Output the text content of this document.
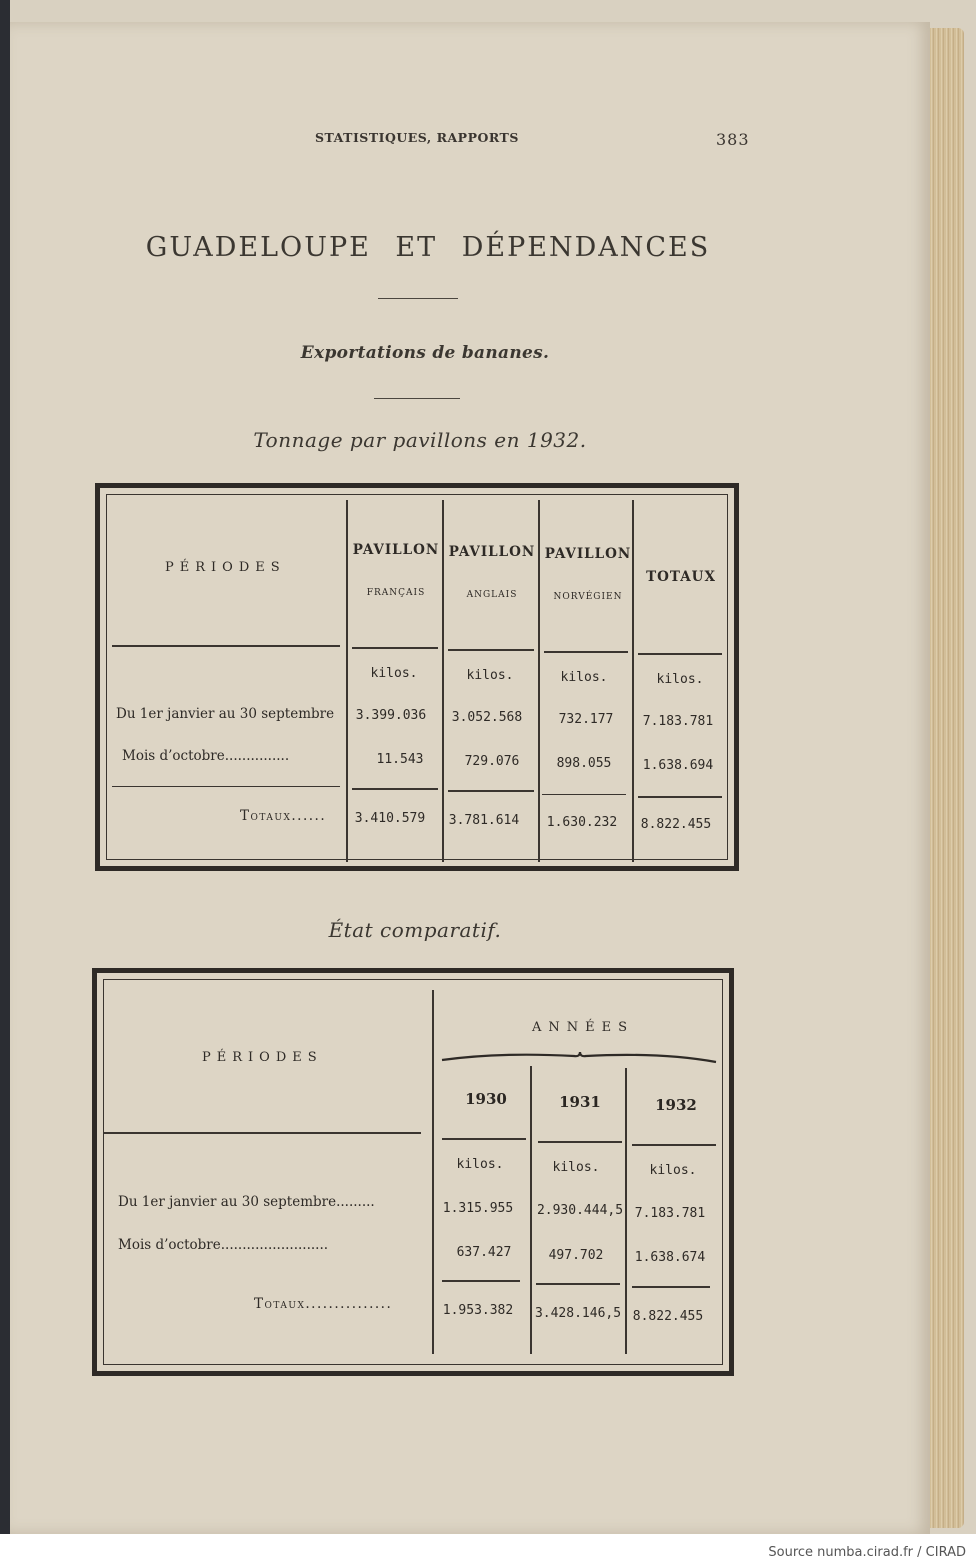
STATISTIQUES, RAPPORTS	383
GUADELOUPE ET DÉPENDANCES
Exportations de bananes.
Tonnage par pavillons en 1932.
PÉRIODES
PAVILLON
FRANÇAIS
PAVILLON
ANGLAIS
PAVILLON
NORVÉGIEN
TOTAUX
kilos.	kilos.	kilos.	kilos.
Du 1er janvier au 30 septembre	3.399.036	3.052.568	732.177	7.183.781
Mois d’octobre...............	11.543	729.076	898.055	1.638.694
Totaux......	3.410.579	3.781.614	1.630.232	8.822.455
État comparatif.
PÉRIODES
ANNÉES
1930	1931	1932
kilos.	kilos.	kilos.
Du 1er janvier au 30 septembre.........	1.315.955	2.930.444,5 7.183.781
Mois d’octobre.........................	637.427	497.702	1.638.674
Totaux...............	1.953.382	3.428.146,5 8.822.455
Source numba.cirad.fr / CIRAD
